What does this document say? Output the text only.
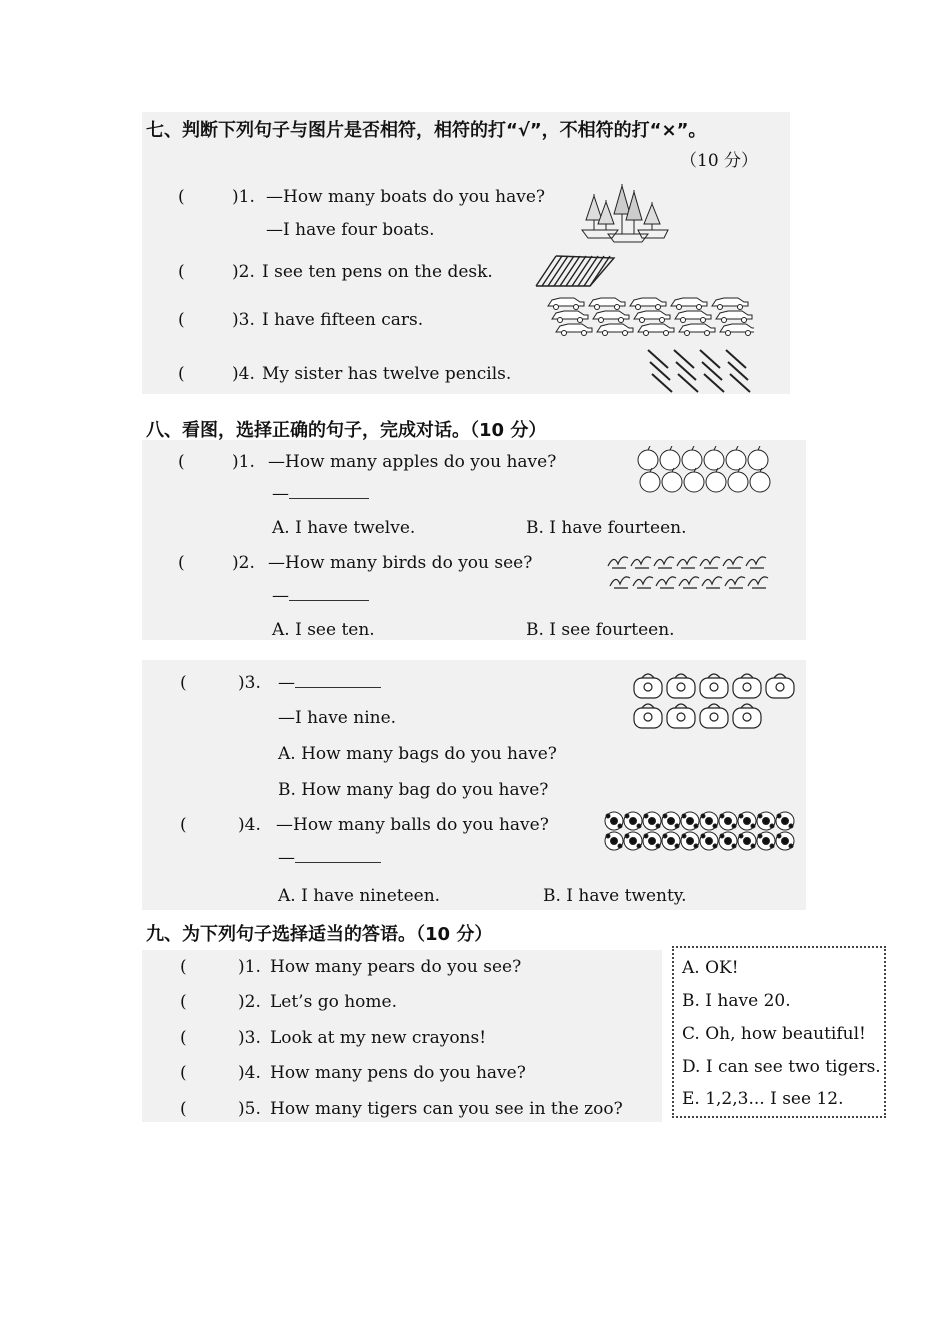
七、判断下列句子与图片是否相符，相符的打“√”，不相符的打“×”。
（10 分）
(	)1. —How many boats do you have?
—I have four boats.
(	)2. I see ten pens on the desk.
(	)3. I have fifteen cars.
(	)4. My sister has twelve pencils.
八、看图，选择正确的句子，完成对话。（10 分）
(	)1. —How many apples do you have?
—
A. I have twelve.	B. I have fourteen.
(	)2. —How many birds do you see?
—
A. I see ten.	B. I see fourteen.
(	)3. —
—I have nine.
A. How many bags do you have?
B. How many bag do you have?
(	)4. —How many balls do you have?
—
A. I have nineteen.	B. I have twenty.
九、为下列句子选择适当的答语。（10 分）
(	)1. How many pears do you see?
(	)2. Let’s go home.
(	)3. Look at my new crayons!
(	)4. How many pens do you have?
(	)5. How many tigers can you see in the zoo?
A. OK!
B. I have 20.
C. Oh, how beautiful!
D. I can see two tigers.
E. 1,2,3... I see 12.
